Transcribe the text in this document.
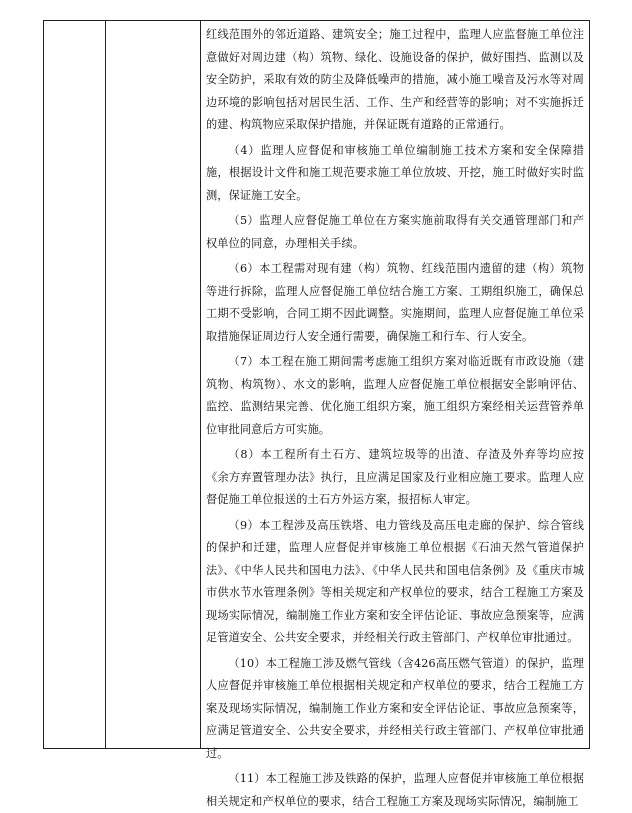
红线范围外的邻近道路、建筑安全；施工过程中，监理人应监督施工单位注意做好对周边建（构）筑物、绿化、设施设备的保护，做好围挡、监测以及安全防护，采取有效的防尘及降低噪声的措施，减小施工噪音及污水等对周边环境的影响包括对居民生活、工作、生产和经营等的影响；对不实施拆迁的建、构筑物应采取保护措施，并保证既有道路的正常通行。

（4）监理人应督促和审核施工单位编制施工技术方案和安全保障措施，根据设计文件和施工规范要求施工单位放坡、开挖，施工时做好实时监测，保证施工安全。

（5）监理人应督促施工单位在方案实施前取得有关交通管理部门和产权单位的同意，办理相关手续。

（6）本工程需对现有建（构）筑物、红线范围内遗留的建（构）筑物等进行拆除，监理人应督促施工单位结合施工方案、工期组织施工，确保总工期不受影响，合同工期不因此调整。实施期间，监理人应督促施工单位采取措施保证周边行人安全通行需要，确保施工和行车、行人安全。

（7）本工程在施工期间需考虑施工组织方案对临近既有市政设施（建筑物、构筑物）、水文的影响，监理人应督促施工单位根据安全影响评估、监控、监测结果完善、优化施工组织方案，施工组织方案经相关运营管养单位审批同意后方可实施。

（8）本工程所有土石方、建筑垃圾等的出渣、存渣及外弃等均应按《余方弃置管理办法》执行，且应满足国家及行业相应施工要求。监理人应督促施工单位报送的土石方外运方案，报招标人审定。

（9）本工程涉及高压铁塔、电力管线及高压电走廊的保护、综合管线的保护和迁建，监理人应督促并审核施工单位根据《石油天然气管道保护法》、《中华人民共和国电力法》、《中华人民共和国电信条例》及《重庆市城市供水节水管理条例》等相关规定和产权单位的要求，结合工程施工方案及现场实际情况，编制施工作业方案和安全评估论证、事故应急预案等，应满足管道安全、公共安全要求，并经相关行政主管部门、产权单位审批通过。

（10）本工程施工涉及燃气管线（含426高压燃气管道）的保护，监理人应督促并审核施工单位根据相关规定和产权单位的要求，结合工程施工方案及现场实际情况，编制施工作业方案和安全评估论证、事故应急预案等，应满足管道安全、公共安全要求，并经相关行政主管部门、产权单位审批通过。

（11）本工程施工涉及铁路的保护，监理人应督促并审核施工单位根据相关规定和产权单位的要求，结合工程施工方案及现场实际情况，编制施工
